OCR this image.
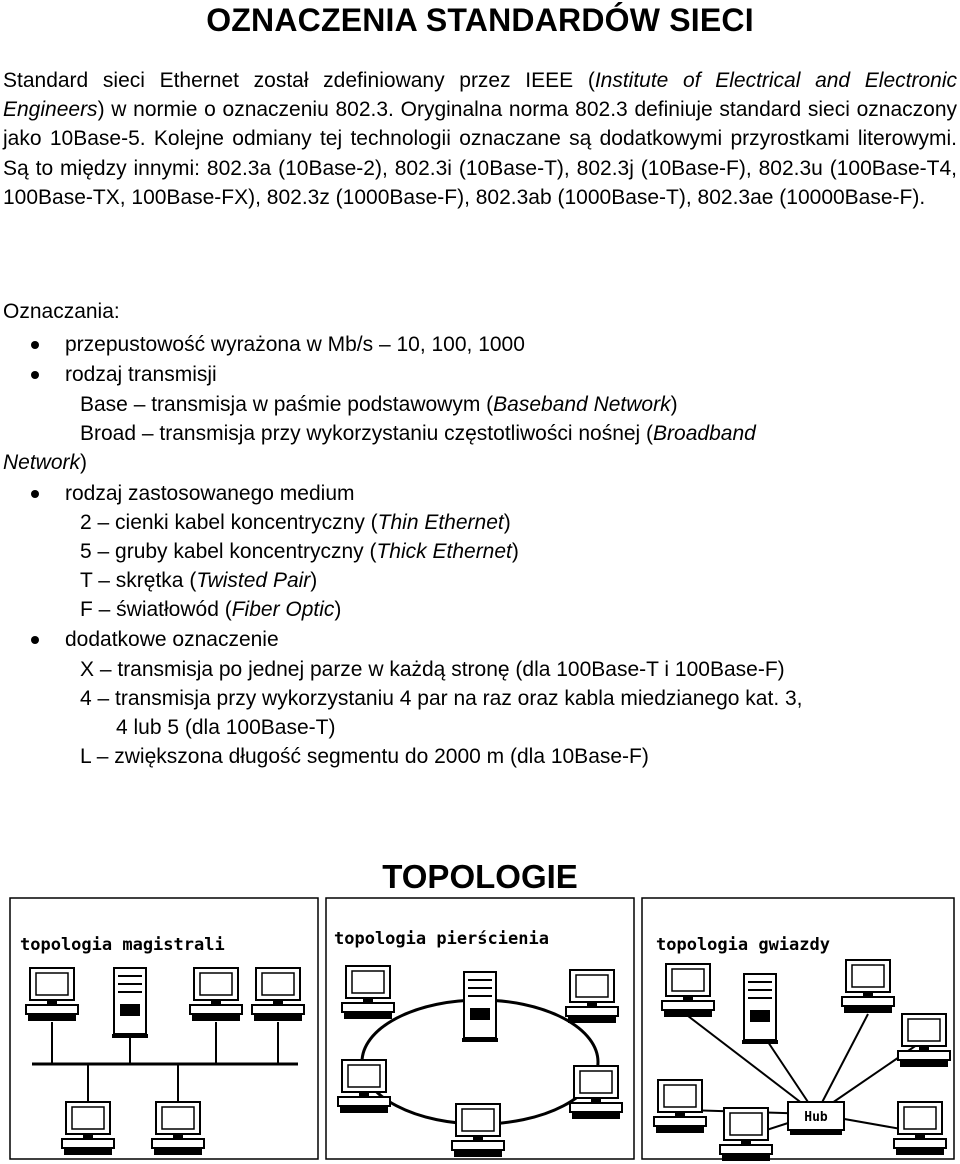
OZNACZENIA STANDARDÓW SIECI

Standard sieci Ethernet został zdefiniowany przez IEEE (Institute of Electrical and Electronic Engineers) w normie o oznaczeniu 802.3. Oryginalna norma 802.3 definiuje standard sieci oznaczony jako 10Base-5. Kolejne odmiany tej technologii oznaczane są dodatkowymi przyrostkami literowymi. Są to między innymi: 802.3a (10Base-2), 802.3i (10Base-T), 802.3j (10Base-F), 802.3u (100Base-T4, 100Base-TX, 100Base-FX), 802.3z (1000Base-F), 802.3ab (1000Base-T), 802.3ae (10000Base-F).

Oznaczania:
przepustowość wyrażona w Mb/s – 10, 100, 1000
rodzaj transmisji
Base – transmisja w paśmie podstawowym (Baseband Network)
Broad – transmisja przy wykorzystaniu częstotliwości nośnej (Broadband
Network)
rodzaj zastosowanego medium
2 – cienki kabel koncentryczny (Thin Ethernet)
5 – gruby kabel koncentryczny (Thick Ethernet)
T – skrętka (Twisted Pair)
F – światłowód (Fiber Optic)
dodatkowe oznaczenie
X – transmisja po jednej parze w każdą stronę (dla 100Base-T i 100Base-F)
4 – transmisja przy wykorzystaniu 4 par na raz oraz kabla miedzianego kat. 3,
4 lub 5 (dla 100Base-T)
L – zwiększona długość segmentu do 2000 m (dla 10Base-F)
TOPOLOGIE
topologia magistrali	topologia pierścienia	topologia gwiazdy
Hub
